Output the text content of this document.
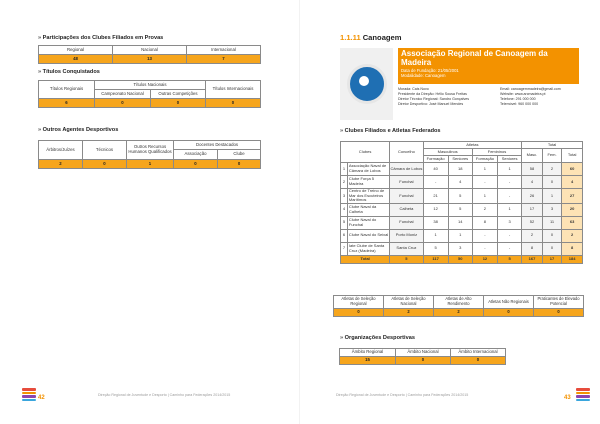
» Participações dos Clubes Filiados em Provas
Regional	Nacional	Internacional
48	13	7
» Títulos Conquistados
Títulos Regionais	Títulos Nacionais		Títulos Internacionais
	Campeonato Nacional	Outras Competições	
6	0	0	0
» Outros Agentes Desportivos
Árbitros/Juízes	Técnicos	Outros Recursos Humanos Qualificados	Docentes Destacados	
			Associação	Clube
2	0	1	0	0
42	Direção Regional de Juventude e Desporto | Caminho para Federações 2014/2015
1.1.11 Canoagem
Associação Regional de Canoagem da Madeira
Data de Fundação: 21/05/2001
Modalidade: Canoagem
Morada: Cais Novo
Presidente da Direção: Hélio Sousa Freitas
Diretor Técnico Regional: Sandro Gonçalves
Diretor Desportivo: José Manuel Mendes
Email: canoagemmadeira@gmail.com
Website: www.arcmadeira.pt
Telefone: 291 000 000
Telemóvel: 960 000 000
» Clubes Filiados e Atletas Federados
Clubes		Concelho	Atletas				Total		
			Masculinos		Femininos		Masc.	Fem.	Total
			Formação	Seniores	Formação	Seniores			
1	Associação Naval de Câmara de Lobos	Câmara de Lobos	40	18	1	1	58	2	60
2	Clube Força 5 Madeira	Funchal	-	4	-	-	4	0	4
3	Centro de Treino de Mar dos Escuteiros Marítimos	Funchal	21	5	1	-	26	1	27
4	Clube Naval da Calheta	Calheta	12	5	2	1	17	3	20
5	Clube Naval do Funchal	Funchal	38	14	8	3	52	11	63
6	Clube Naval do Seixal	Porto Moniz	1	1	-	-	2	0	2
7	Iate Clube de Santa Cruz (Madeira)	Santa Cruz	5	3	-	-	8	0	8
Total		5	117	50	12	5	167	17	184
Atletas de Seleção Regional	Atletas de Seleção Nacional	Atletas de Alto Rendimento	Atletas Não Regionais	Praticantes de Elevado Potencial
0	2	2	0	0
» Organizações Desportivas
Âmbito Regional	Âmbito Nacional	Âmbito Internacional
15	0	0
Direção Regional de Juventude e Desporto | Caminho para Federações 2014/2015	43
